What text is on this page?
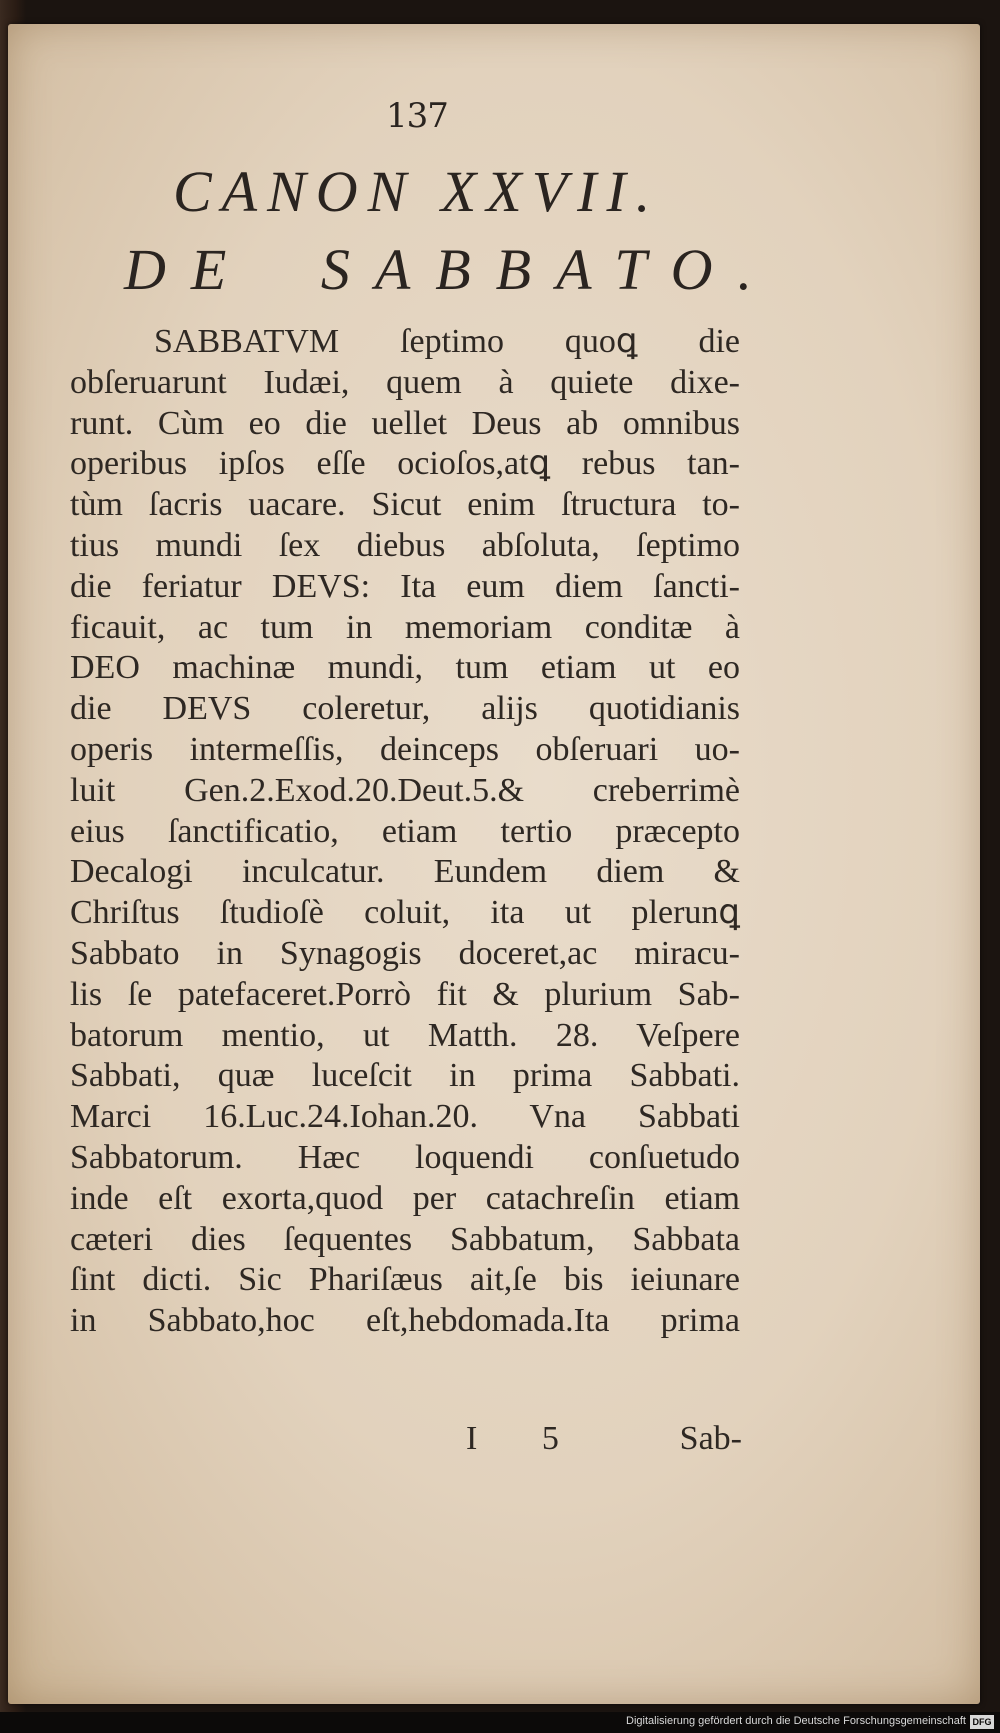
137
CANON XXVII.
DE SABBATO.
SABBATVM ſeptimo quoꝗ die
obſeruarunt Iudæi, quem à quiete dixe-
runt. Cùm eo die uellet Deus ab omnibus
operibus ipſos eſſe ocioſos,atꝗ rebus tan-
tùm ſacris uacare. Sicut enim ſtructura to-
tius mundi ſex diebus abſoluta, ſeptimo
die feriatur DEVS: Ita eum diem ſancti-
ficauit, ac tum in memoriam conditæ à
DEO machinæ mundi, tum etiam ut eo
die DEVS coleretur, alijs quotidianis
operis intermeſſis, deinceps obſeruari uo-
luit Gen.2.Exod.20.Deut.5.& creberrimè
eius ſanctificatio, etiam tertio præcepto
Decalogi inculcatur. Eundem diem &
Chriſtus ſtudioſè coluit, ita ut plerunꝗ
Sabbato in Synagogis doceret,ac miracu-
lis ſe patefaceret.Porrò fit & plurium Sab-
batorum mentio, ut Matth. 28. Veſpere
Sabbati, quæ luceſcit in prima Sabbati.
Marci 16.Luc.24.Iohan.20. Vna Sabbati
Sabbatorum. Hæc loquendi conſuetudo
inde eſt exorta,quod per catachreſin etiam
cæteri dies ſequentes Sabbatum, Sabbata
ſint dicti. Sic Phariſæus ait,ſe bis ieiunare
in Sabbato,hoc eſt,hebdomada.Ita prima
I 5	Sab-
Digitalisierung gefördert durch die Deutsche Forschungsgemeinschaft DFG
